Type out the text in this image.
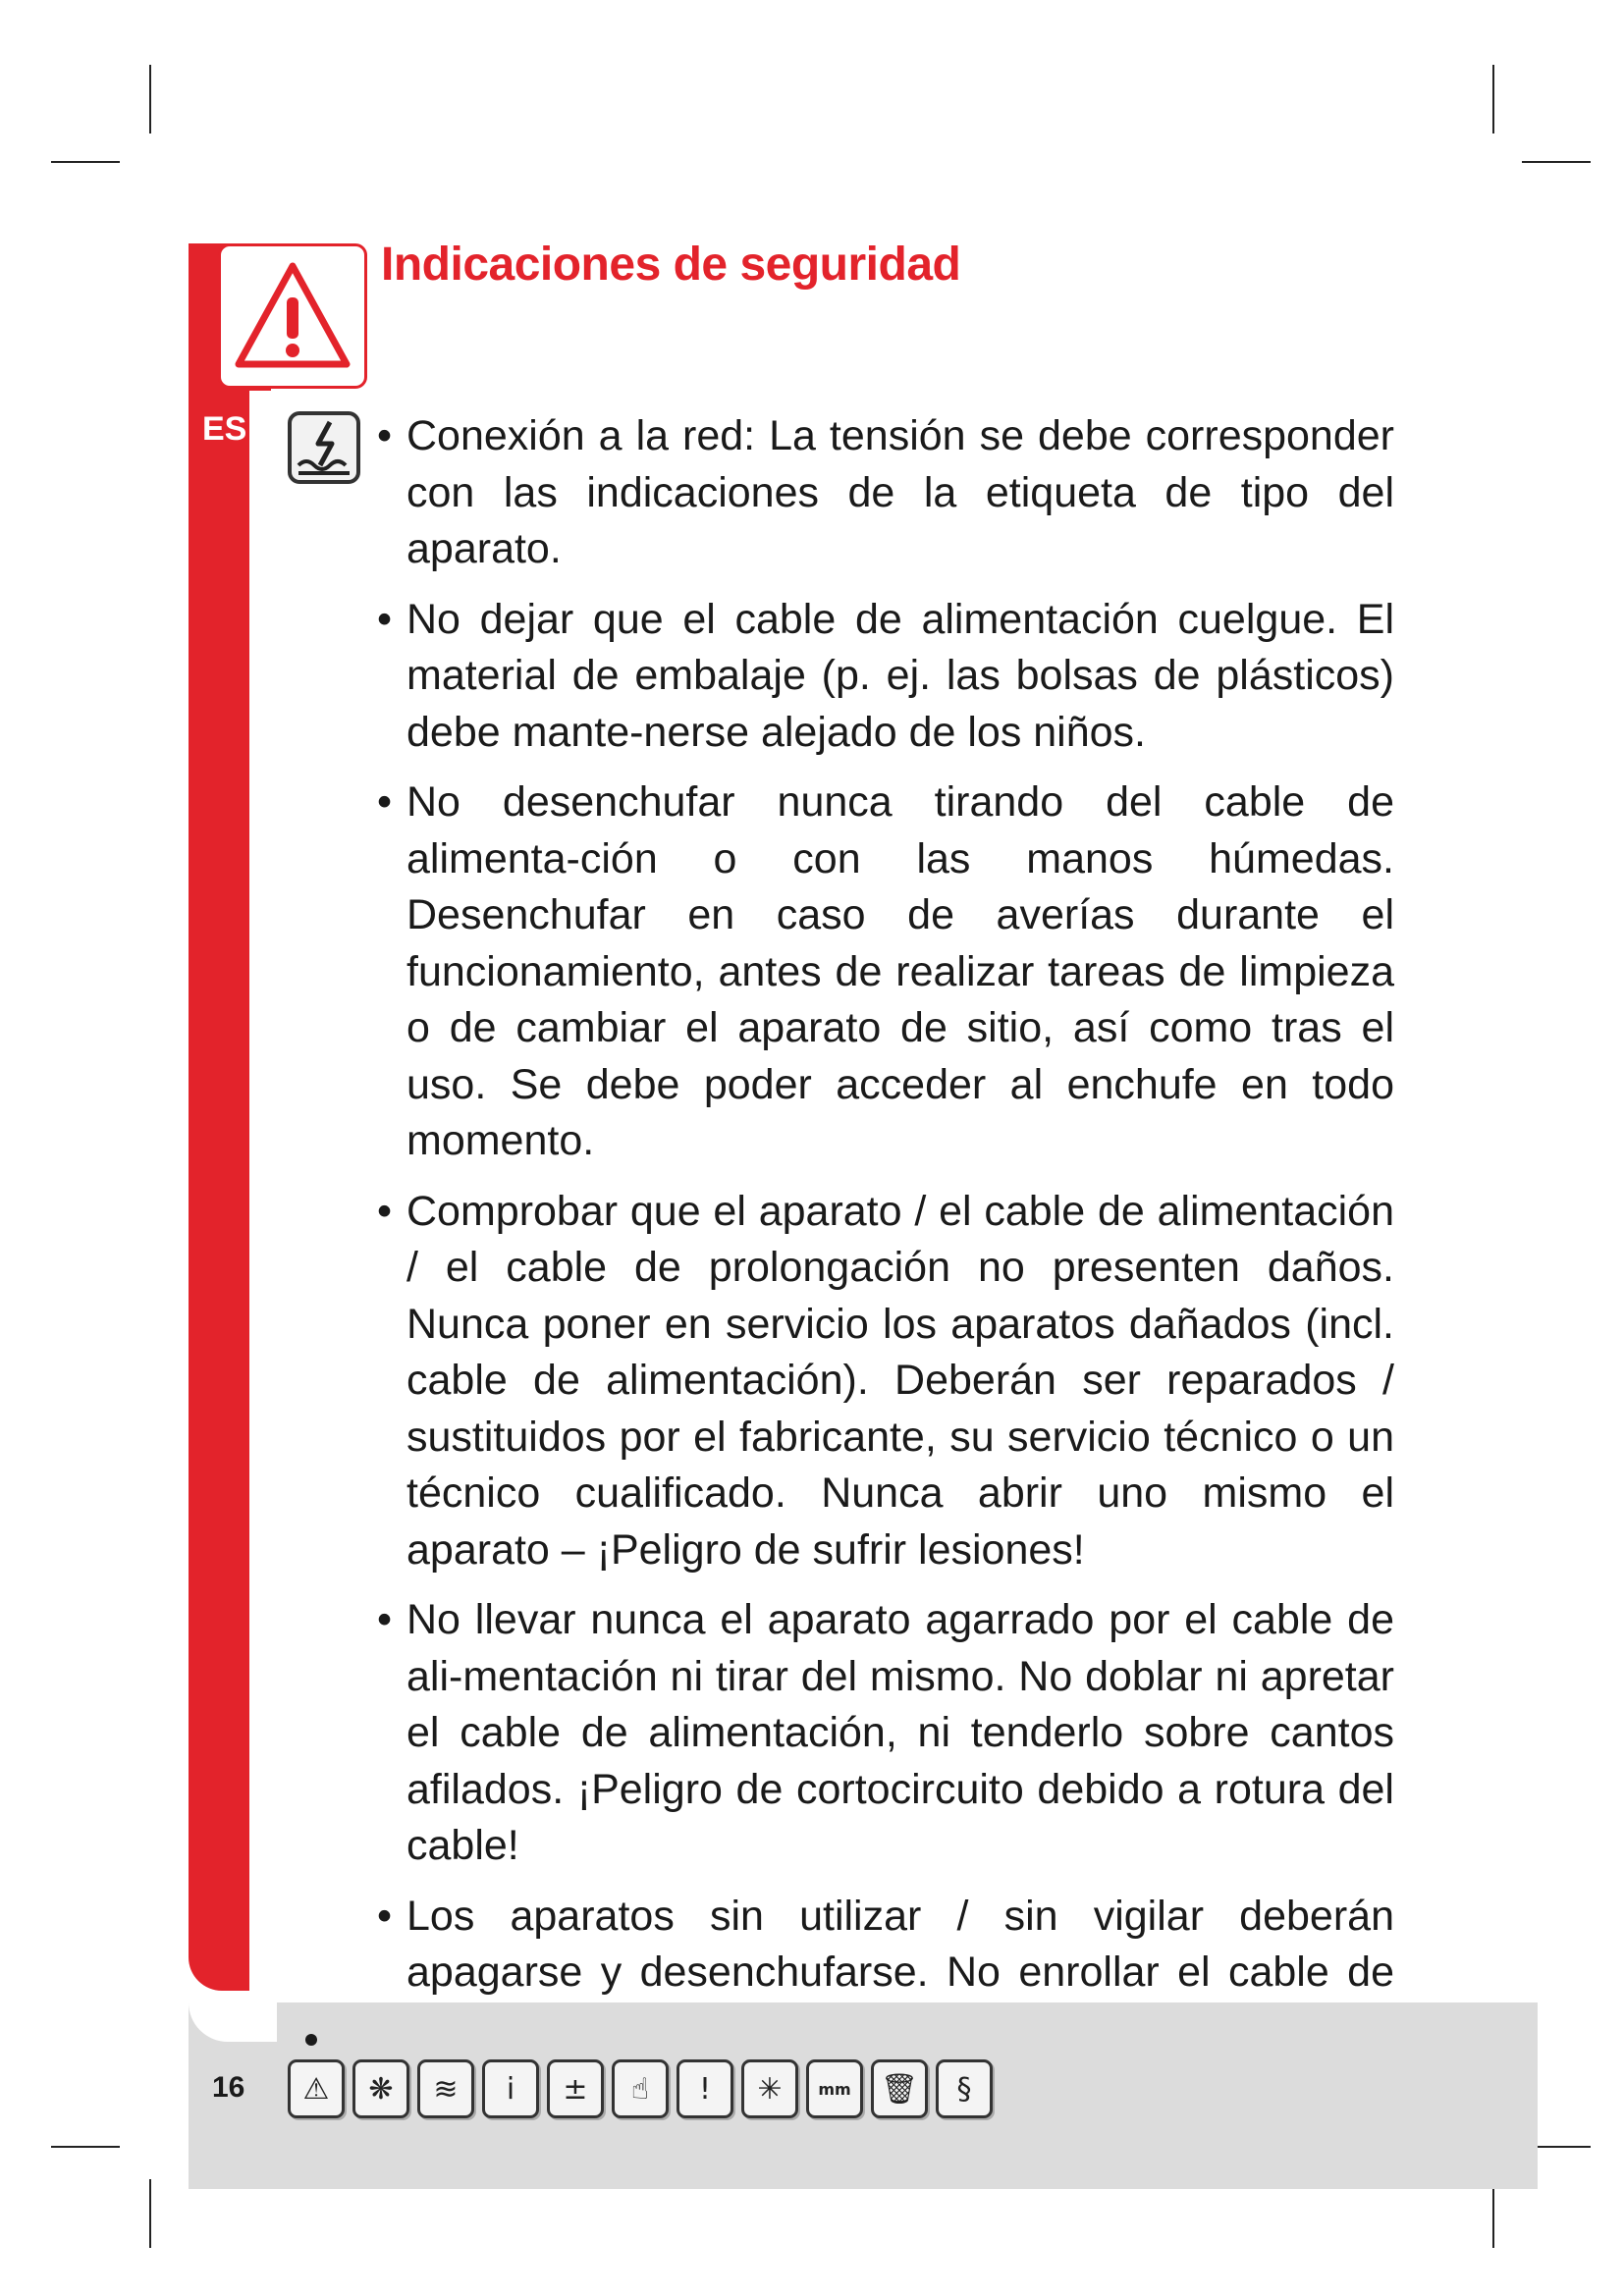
ES
Indicaciones de seguridad
• Conexión a la red: La tensión se debe corresponder con las indicaciones de la etiqueta de tipo del aparato.
• No dejar que el cable de alimentación cuelgue. El material de embalaje (p. ej. las bolsas de plásticos) debe mante-nerse alejado de los niños.
• No desenchufar nunca tirando del cable de alimenta-ción o con las manos húmedas. Desenchufar en caso de averías durante el funcionamiento, antes de realizar tareas de limpieza o de cambiar el aparato de sitio, así como tras el uso. Se debe poder acceder al enchufe en todo momento.
• Comprobar que el aparato / el cable de alimentación / el cable de prolongación no presenten daños. Nunca poner en servicio los aparatos dañados (incl. cable de alimentación). Deberán ser reparados / sustituidos por el fabricante, su servicio técnico o un técnico cualificado. Nunca abrir uno mismo el aparato – ¡Peligro de sufrir lesiones!
• No llevar nunca el aparato agarrado por el cable de ali-mentación ni tirar del mismo. No doblar ni apretar el cable de alimentación, ni tenderlo sobre cantos afilados. ¡Peligro de cortocircuito debido a rotura del cable!
• Los aparatos sin utilizar / sin vigilar deberán apagarse y desenchufarse. No enrollar el cable de
16	⚠	❋	≋	i	±	☝	!	✳	mm	🗑	§
